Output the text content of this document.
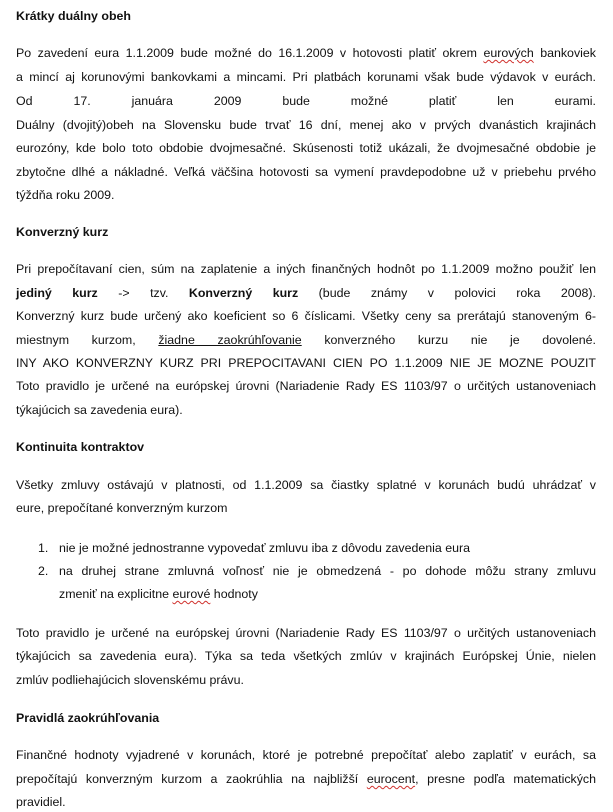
Krátky duálny obeh
Po zavedení eura 1.1.2009 bude možné do 16.1.2009 v hotovosti platiť okrem eurových bankoviek
a mincí aj korunovými bankovkami a mincami. Pri platbách korunami však bude výdavok v eurách.
Od 17. januára 2009 bude možné platiť len eurami.
Duálny (dvojitý)obeh na Slovensku bude trvať 16 dní, menej ako v prvých dvanástich krajinách
eurozóny, kde bolo toto obdobie dvojmesačné. Skúsenosti totiž ukázali, že dvojmesačné obdobie je
zbytočne dlhé a nákladné. Veľká väčšina hotovosti sa vymení pravdepodobne už v priebehu prvého
týždňa roku 2009.
Konverzný kurz
Pri prepočítavaní cien, súm na zaplatenie a iných finančných hodnôt po 1.1.2009 možno použiť len
jediný kurz -> tzv. Konverzný kurz (bude známy v polovici roka 2008).
Konverzný kurz bude určený ako koeficient so 6 číslicami. Všetky ceny sa prerátajú stanoveným 6-
miestnym kurzom, žiadne zaokrúhľovanie konverzného kurzu nie je dovolené.
INY AKO KONVERZNY KURZ PRI PREPOCITAVANI CIEN PO 1.1.2009 NIE JE MOZNE POUZIT
Toto pravidlo je určené na európskej úrovni (Nariadenie Rady ES 1103/97 o určitých ustanoveniach
týkajúcich sa zavedenia eura).
Kontinuita kontraktov
Všetky zmluvy ostávajú v platnosti, od 1.1.2009 sa čiastky splatné v korunách budú uhrádzať v
eure, prepočítané konverzným kurzom
1. nie je možné jednostranne vypovedať zmluvu iba z dôvodu zavedenia eura
2. na druhej strane zmluvná voľnosť nie je obmedzená - po dohode môžu strany zmluvu
zmeniť na explicitne eurové hodnoty
Toto pravidlo je určené na európskej úrovni (Nariadenie Rady ES 1103/97 o určitých ustanoveniach
týkajúcich sa zavedenia eura). Týka sa teda všetkých zmlúv v krajinách Európskej Únie, nielen
zmlúv podliehajúcich slovenskému právu.
Pravidlá zaokrúhľovania
Finančné hodnoty vyjadrené v korunách, ktoré je potrebné prepočítať alebo zaplatiť v eurách, sa
prepočítajú konverzným kurzom a zaokrúhlia na najbližší eurocent, presne podľa matematických
pravidiel.
